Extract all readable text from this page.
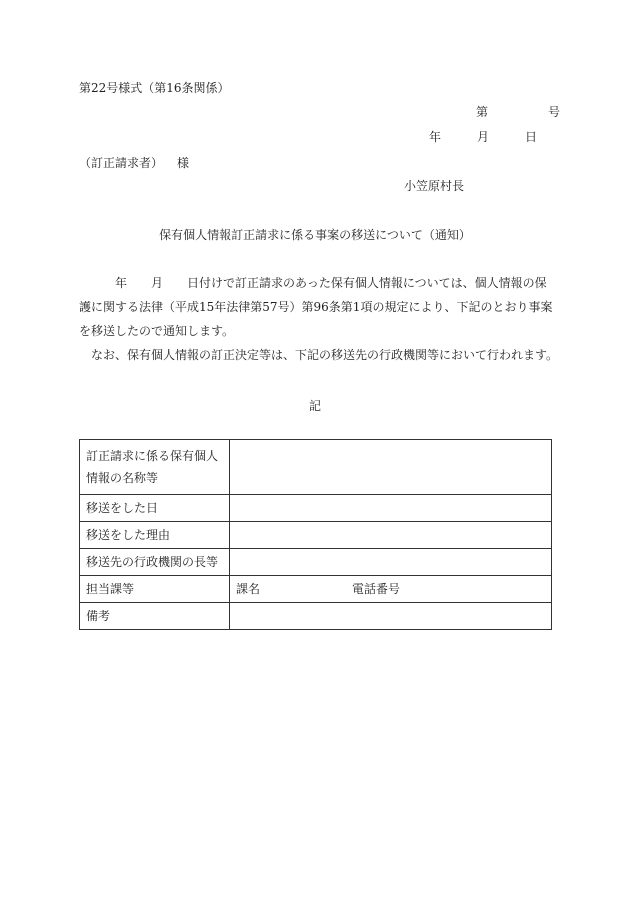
第22号様式（第16条関係）
第	号
年	月	日
（訂正請求者） 様
小笠原村長
保有個人情報訂正請求に係る事案の移送について（通知）

年 月 日付けで訂正請求のあった保有個人情報については、個人情報の保護に関する法律（平成15年法律第57号）第96条第1項の規定により、下記のとおり事案を移送したので通知します。

なお、保有個人情報の訂正決定等は、下記の移送先の行政機関等において行われます。

記
訂正請求に係る保有個人情報の名称等	
移送をした日	
移送をした理由	
移送先の行政機関の長等	
担当課等	課名 電話番号
備考	
